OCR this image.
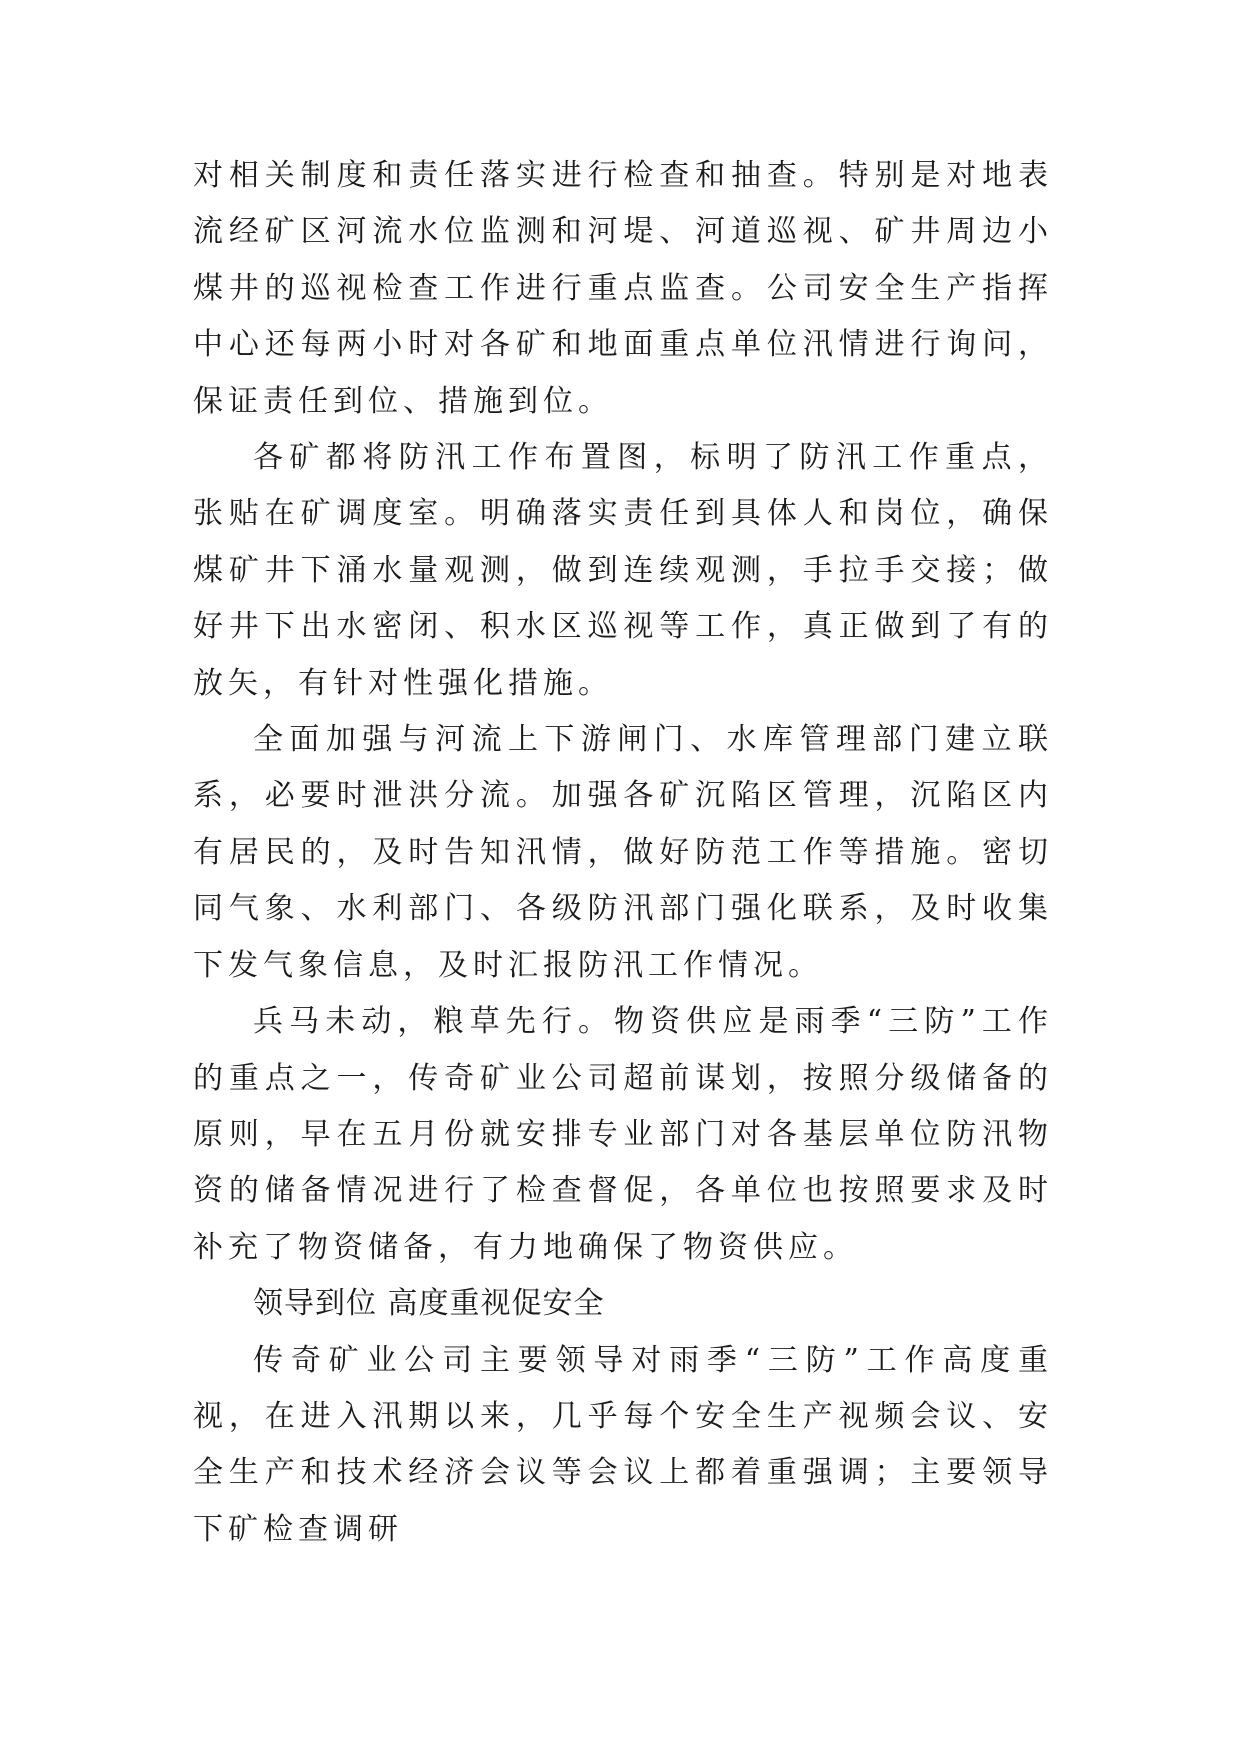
对相关制度和责任落实进行检查和抽查。特别是对地表流经矿区河流水位监测和河堤、河道巡视、矿井周边小煤井的巡视检查工作进行重点监查。公司安全生产指挥中心还每两小时对各矿和地面重点单位汛情进行询问，保证责任到位、措施到位。

各矿都将防汛工作布置图，标明了防汛工作重点，张贴在矿调度室。明确落实责任到具体人和岗位，确保煤矿井下涌水量观测，做到连续观测，手拉手交接；做好井下出水密闭、积水区巡视等工作，真正做到了有的放矢，有针对性强化措施。

全面加强与河流上下游闸门、水库管理部门建立联系，必要时泄洪分流。加强各矿沉陷区管理，沉陷区内有居民的，及时告知汛情，做好防范工作等措施。密切同气象、水利部门、各级防汛部门强化联系，及时收集下发气象信息，及时汇报防汛工作情况。

兵马未动，粮草先行。物资供应是雨季“三防”工作的重点之一，传奇矿业公司超前谋划，按照分级储备的原则，早在五月份就安排专业部门对各基层单位防汛物资的储备情况进行了检查督促，各单位也按照要求及时补充了物资储备，有力地确保了物资供应。

领导到位 高度重视促安全

传奇矿业公司主要领导对雨季“三防”工作高度重视，在进入汛期以来，几乎每个安全生产视频会议、安全生产和技术经济会议等会议上都着重强调；主要领导下矿检查调研
